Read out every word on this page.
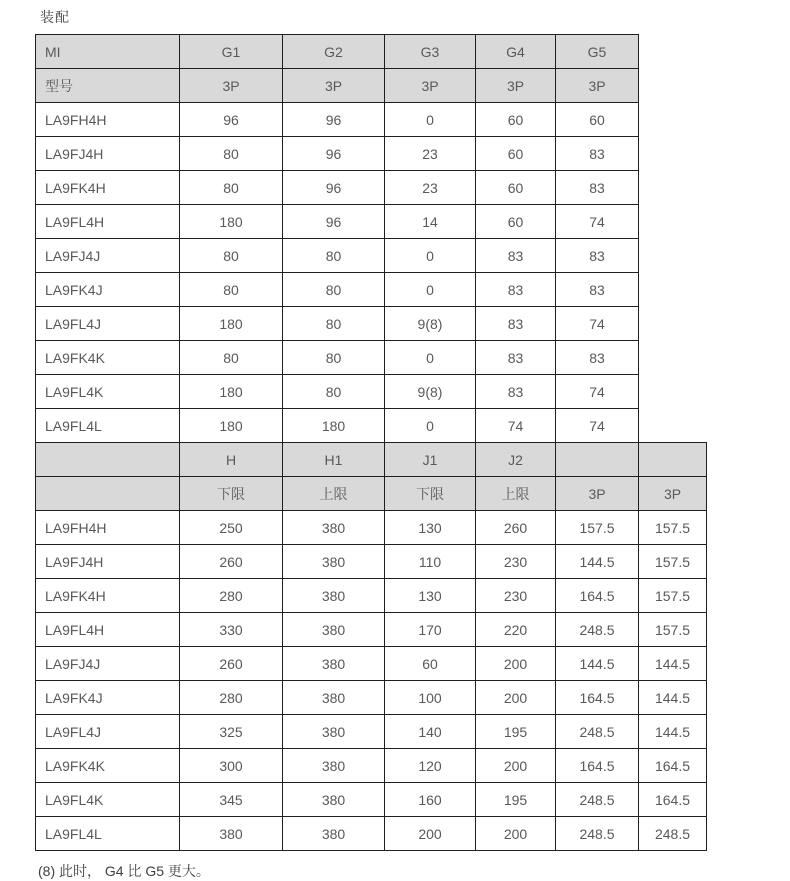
装配

MI	G1	G2	G3	G4	G5
型号	3P	3P	3P	3P	3P
LA9FH4H	96	96	0	60	60
LA9FJ4H	80	96	23	60	83
LA9FK4H	80	96	23	60	83
LA9FL4H	180	96	14	60	74
LA9FJ4J	80	80	0	83	83
LA9FK4J	80	80	0	83	83
LA9FL4J	180	80	9(8)	83	74
LA9FK4K	80	80	0	83	83
LA9FL4K	180	80	9(8)	83	74
LA9FL4L	180	180	0	74	74
	H	H1	J1	J2		
	下限	上限	下限	上限	3P	3P
LA9FH4H	250	380	130	260	157.5	157.5
LA9FJ4H	260	380	110	230	144.5	157.5
LA9FK4H	280	380	130	230	164.5	157.5
LA9FL4H	330	380	170	220	248.5	157.5
LA9FJ4J	260	380	60	200	144.5	144.5
LA9FK4J	280	380	100	200	164.5	144.5
LA9FL4J	325	380	140	195	248.5	144.5
LA9FK4K	300	380	120	200	164.5	164.5
LA9FL4K	345	380	160	195	248.5	164.5
LA9FL4L	380	380	200	200	248.5	248.5

(8) 此时， G4 比 G5 更大。
